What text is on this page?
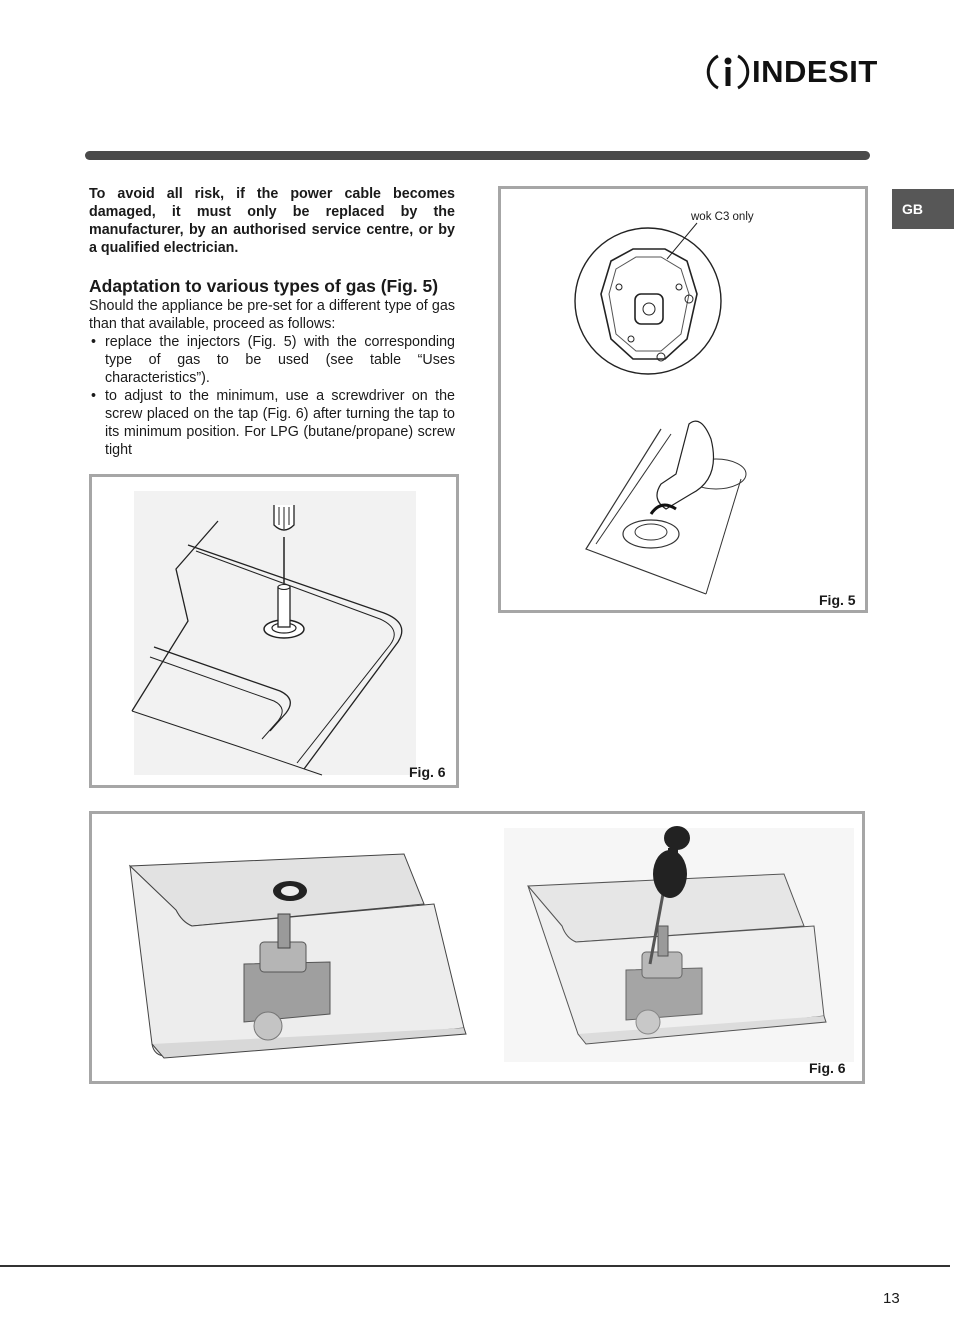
INDESIT
GB

To avoid all risk, if the power cable becomes damaged, it must only be replaced by the manufacturer, by an authorised service centre, or by a qualified electrician.

Adaptation to various types of gas (Fig. 5)

Should the appliance be pre-set for a different type of gas than that available, proceed as follows:

• replace the injectors (Fig. 5) with the corresponding type of gas to be used (see table “Uses characteristics”).
• to adjust to the minimum, use a screwdriver on the screw placed on the tap (Fig. 6) after turning the tap to its minimum position. For LPG (butane/propane) screw tight
wok C3 only
Fig. 5
Fig. 6
Fig. 6
13
